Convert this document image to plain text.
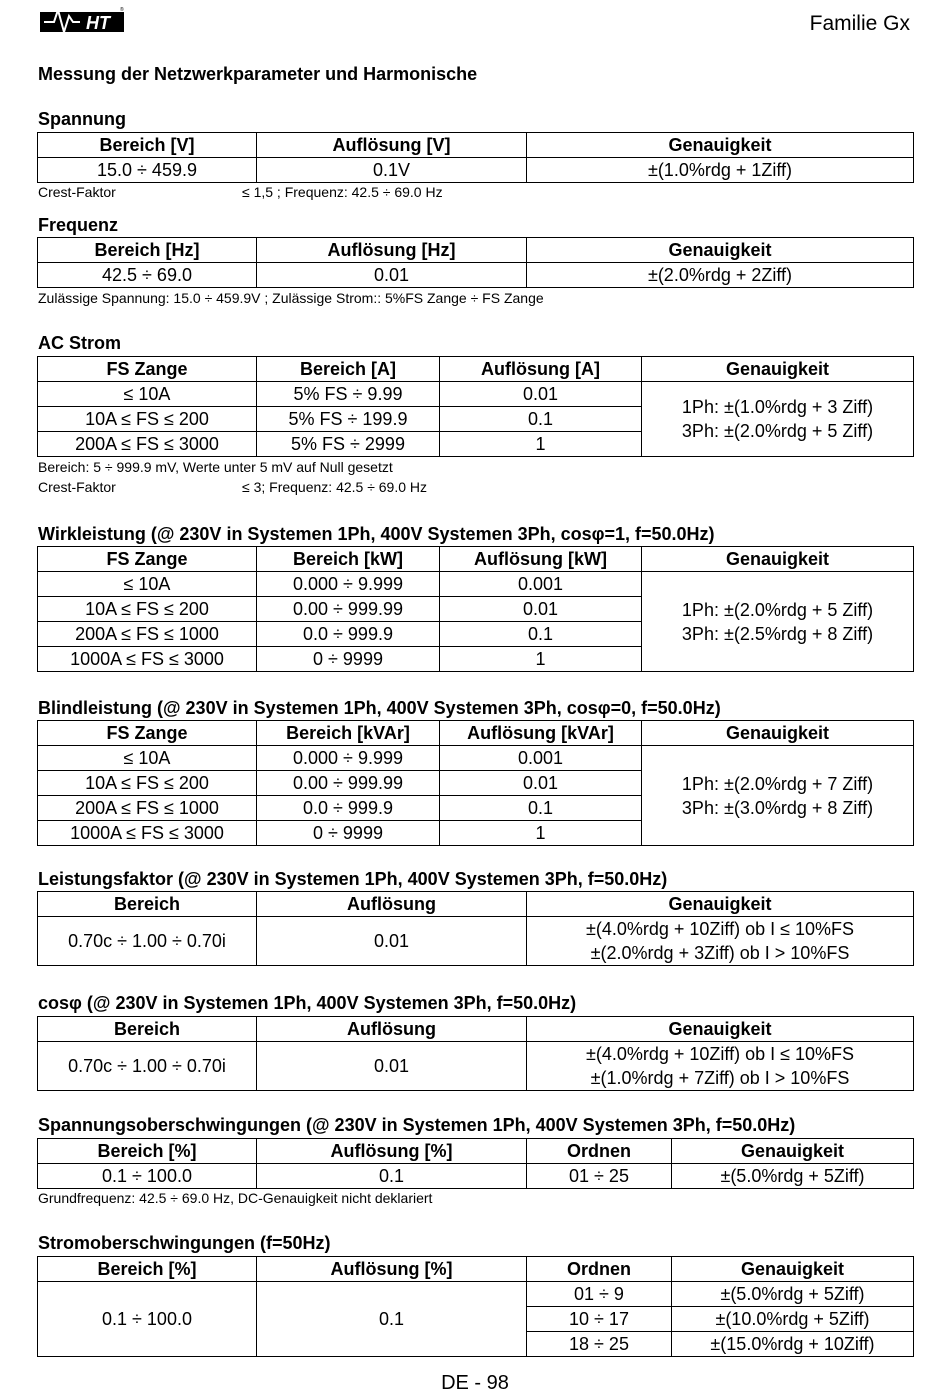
HT
®
Familie Gx
Messung der Netzwerkparameter und Harmonische
Spannung
Bereich [V]	Auflösung [V]	Genauigkeit
15.0 ÷ 459.9	0.1V	±(1.0%rdg + 1Ziff)
Crest-Faktor	≤ 1,5 ; Frequenz: 42.5 ÷ 69.0 Hz
Frequenz
Bereich [Hz]	Auflösung [Hz]	Genauigkeit
42.5 ÷ 69.0	0.01	±(2.0%rdg + 2Ziff)
Zulässige Spannung: 15.0 ÷ 459.9V ; Zulässige Strom:: 5%FS Zange ÷ FS Zange
AC Strom
FS Zange	Bereich [A]	Auflösung [A]	Genauigkeit
≤ 10A	5% FS ÷ 9.99	0.01	1Ph: ±(1.0%rdg + 3 Ziff)
3Ph: ±(2.0%rdg + 5 Ziff)

10A ≤ FS ≤ 200	5% FS ÷ 199.9	0.1	
200A ≤ FS ≤ 3000	5% FS ÷ 2999	1	
Bereich: 5 ÷ 999.9 mV, Werte unter 5 mV auf Null gesetzt
Crest-Faktor	≤ 3; Frequenz: 42.5 ÷ 69.0 Hz
Wirkleistung (@ 230V in Systemen 1Ph, 400V Systemen 3Ph, cosφ=1, f=50.0Hz)
FS Zange	Bereich [kW]	Auflösung [kW]	Genauigkeit
≤ 10A	0.000 ÷ 9.999	0.001	1Ph: ±(2.0%rdg + 5 Ziff)
3Ph: ±(2.5%rdg + 8 Ziff)

10A ≤ FS ≤ 200	0.00 ÷ 999.99	0.01	
200A ≤ FS ≤ 1000	0.0 ÷ 999.9	0.1	
1000A ≤ FS ≤ 3000	0 ÷ 9999	1	
Blindleistung (@ 230V in Systemen 1Ph, 400V Systemen 3Ph, cosφ=0, f=50.0Hz)
FS Zange	Bereich [kVAr]	Auflösung [kVAr]	Genauigkeit
≤ 10A	0.000 ÷ 9.999	0.001	1Ph: ±(2.0%rdg + 7 Ziff)
3Ph: ±(3.0%rdg + 8 Ziff)

10A ≤ FS ≤ 200	0.00 ÷ 999.99	0.01	
200A ≤ FS ≤ 1000	0.0 ÷ 999.9	0.1	
1000A ≤ FS ≤ 3000	0 ÷ 9999	1	
Leistungsfaktor (@ 230V in Systemen 1Ph, 400V Systemen 3Ph, f=50.0Hz)
Bereich	Auflösung	Genauigkeit
0.70c ÷ 1.00 ÷ 0.70i	0.01	±(4.0%rdg + 10Ziff) ob I ≤ 10%FS
±(2.0%rdg + 3Ziff) ob I > 10%FS
cosφ (@ 230V in Systemen 1Ph, 400V Systemen 3Ph, f=50.0Hz)
Bereich	Auflösung	Genauigkeit
0.70c ÷ 1.00 ÷ 0.70i	0.01	±(4.0%rdg + 10Ziff) ob I ≤ 10%FS
±(1.0%rdg + 7Ziff) ob I > 10%FS
Spannungsoberschwingungen (@ 230V in Systemen 1Ph, 400V Systemen 3Ph, f=50.0Hz)
Bereich [%]	Auflösung [%]	Ordnen	Genauigkeit
0.1 ÷ 100.0	0.1	01 ÷ 25	±(5.0%rdg + 5Ziff)
Grundfrequenz: 42.5 ÷ 69.0 Hz, DC-Genauigkeit nicht deklariert
Stromoberschwingungen (f=50Hz)
Bereich [%]	Auflösung [%]	Ordnen	Genauigkeit
0.1 ÷ 100.0	0.1	01 ÷ 9	±(5.0%rdg + 5Ziff)
		10 ÷ 17	±(10.0%rdg + 5Ziff)
		18 ÷ 25	±(15.0%rdg + 10Ziff)
DE - 98
